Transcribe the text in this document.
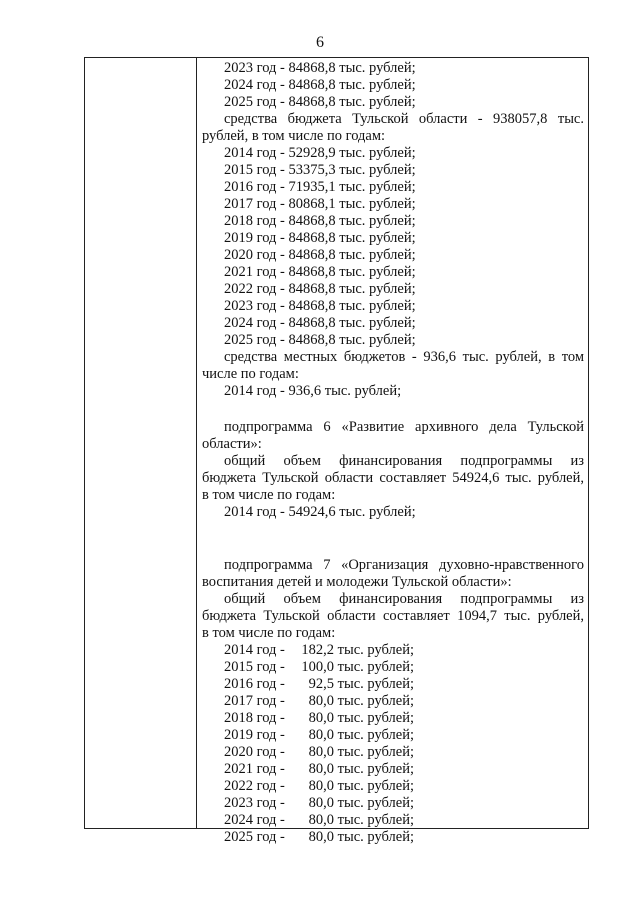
6
2023 год - 84868,8 тыс. рублей;
2024 год - 84868,8 тыс. рублей;
2025 год - 84868,8 тыс. рублей;
средства бюджета Тульской области - 938057,8 тыс.
рублей, в том числе по годам:
2014 год - 52928,9 тыс. рублей;
2015 год - 53375,3 тыс. рублей;
2016 год - 71935,1 тыс. рублей;
2017 год - 80868,1 тыс. рублей;
2018 год - 84868,8 тыс. рублей;
2019 год - 84868,8 тыс. рублей;
2020 год - 84868,8 тыс. рублей;
2021 год - 84868,8 тыс. рублей;
2022 год - 84868,8 тыс. рублей;
2023 год - 84868,8 тыс. рублей;
2024 год - 84868,8 тыс. рублей;
2025 год - 84868,8 тыс. рублей;
средства местных бюджетов - 936,6 тыс. рублей, в том
числе по годам:
2014 год - 936,6 тыс. рублей;
подпрограмма 6 «Развитие архивного дела Тульской
области»:
общий объем финансирования подпрограммы из
бюджета Тульской области составляет 54924,6 тыс. рублей,
в том числе по годам:
2014 год - 54924,6 тыс. рублей;
подпрограмма 7 «Организация духовно-нравственного
воспитания детей и молодежи Тульской области»:
общий объем финансирования подпрограммы из
бюджета Тульской области составляет 1094,7 тыс. рублей,
в том числе по годам:
2014 год - 182,2 тыс. рублей;
2015 год - 100,0 тыс. рублей;
2016 год - 92,5 тыс. рублей;
2017 год - 80,0 тыс. рублей;
2018 год - 80,0 тыс. рублей;
2019 год - 80,0 тыс. рублей;
2020 год - 80,0 тыс. рублей;
2021 год - 80,0 тыс. рублей;
2022 год - 80,0 тыс. рублей;
2023 год - 80,0 тыс. рублей;
2024 год - 80,0 тыс. рублей;
2025 год - 80,0 тыс. рублей;
